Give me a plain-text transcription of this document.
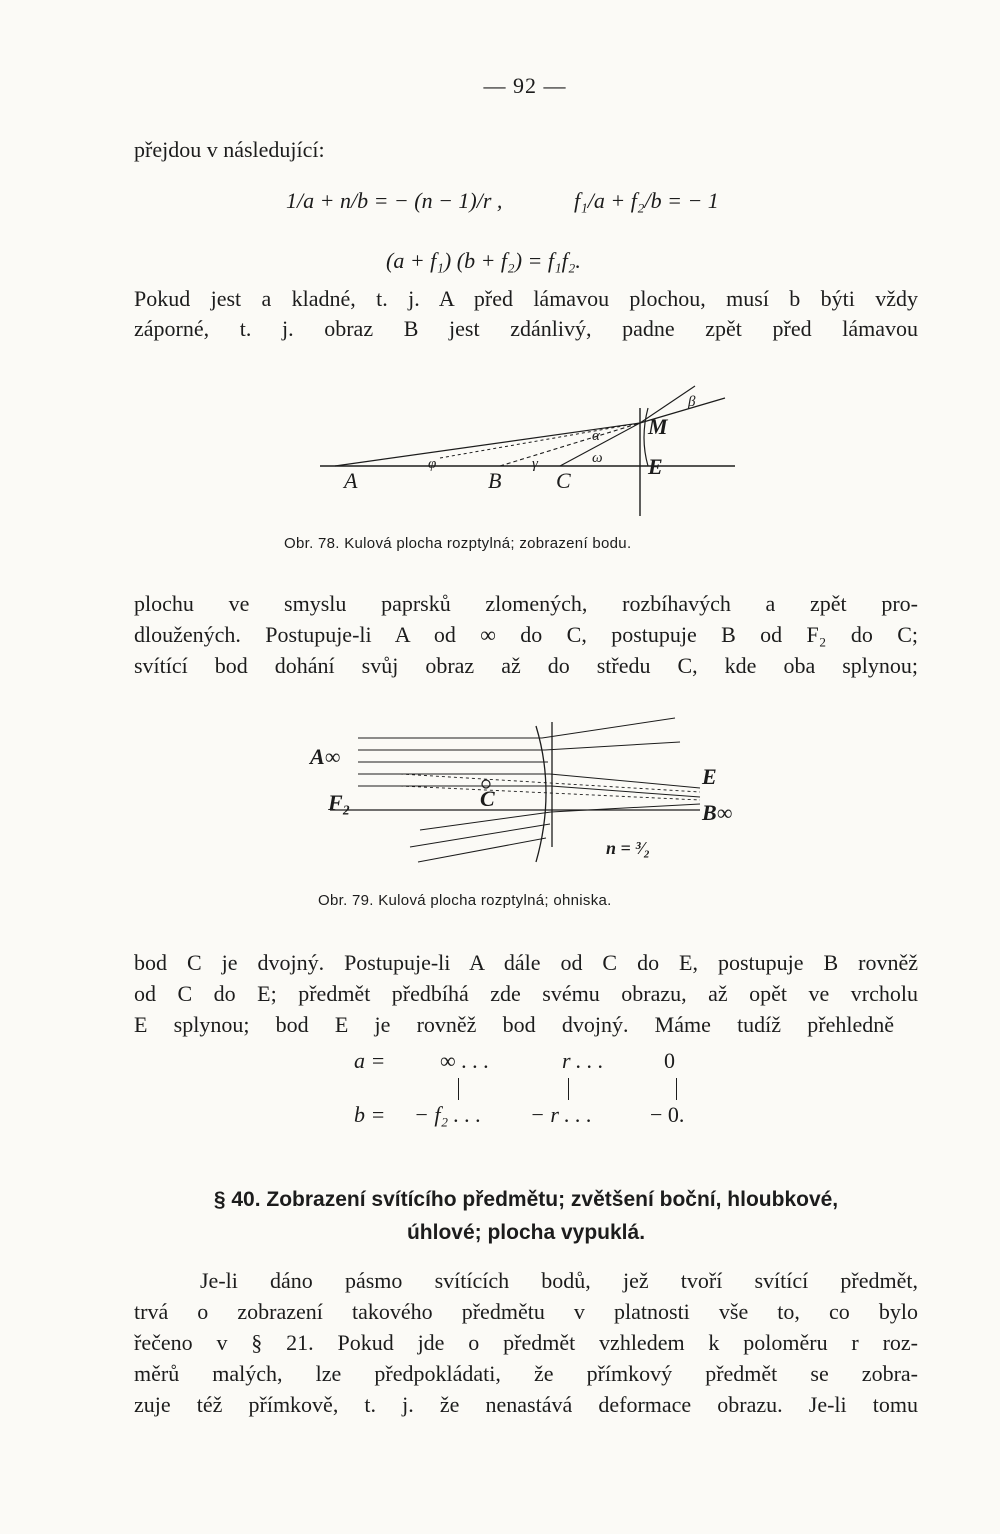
— 92 —
přejdou v následující:
1/a + n/b = − (n − 1)/r ,	f₁/a + f₂/b = − 1
(a + f₁) (b + f₂) = f₁f₂.
Pokud jest a kladné, t. j. A před lámavou plochou, musí b býti vždy
záporné, t. j. obraz B jest zdánlivý, padne zpět před lámavou
A	B C
M
E
β
α
φ	γ	ω
Obr. 78. Kulová plocha rozptylná; zobrazení bodu.
plochu ve smyslu paprsků zlomených, rozbíhavých a zpět pro-
dloužených. Postupuje-li A od ∞ do C, postupuje B od F₂ do C;
svítící bod dohání svůj obraz až do středu C, kde oba splynou;
A∞
F₂	C
E
B∞
n = ³⁄₂
Obr. 79. Kulová plocha rozptylná; ohniska.
bod C je dvojný. Postupuje-li A dále od C do E, postupuje B rovněž
od C do E; předmět předbíhá zde svému obrazu, až opět ve vrcholu
E splynou; bod E je rovněž bod dvojný. Máme tudíž přehledně
a = ∞ . . .	r . . .	0
b = − f₂ . . . − r . . .	− 0.
§ 40. Zobrazení svítícího předmětu; zvětšení boční, hloubkové,
úhlové; plocha vypuklá.
Je-li dáno pásmo svítících bodů, jež tvoří svítící předmět,
trvá o zobrazení takového předmětu v platnosti vše to, co bylo
řečeno v § 21. Pokud jde o předmět vzhledem k poloměru r roz-
měrů malých, lze předpokládati, že přímkový předmět se zobra-
zuje též přímkově, t. j. že nenastává deformace obrazu. Je-li tomu
